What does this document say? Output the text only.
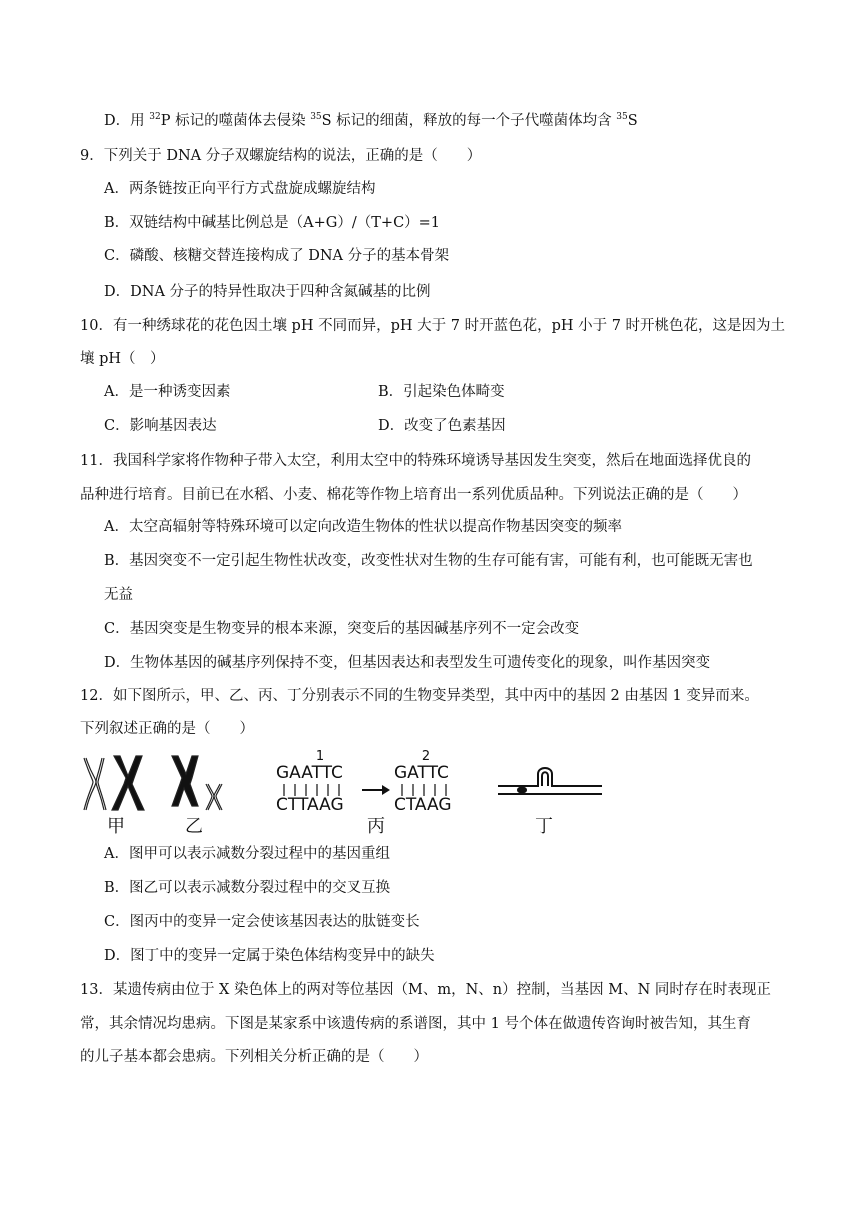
D．用 $^{32}$P 标记的噬菌体去侵染 $^{35}$S 标记的细菌，释放的每一个子代噬菌体均含 $^{35}$S
9．下列关于 DNA 分子双螺旋结构的说法，正确的是（　　）
A．两条链按正向平行方式盘旋成螺旋结构
B．双链结构中碱基比例总是（A+G）/（T+C）=1
C．磷酸、核糖交替连接构成了 DNA 分子的基本骨架
D．DNA 分子的特异性取决于四种含氮碱基的比例
10．有一种绣球花的花色因土壤 pH 不同而异，pH 大于 7 时开蓝色花，pH 小于 7 时开桃色花，这是因为土
壤 pH（　）
A．是一种诱变因素	B．引起染色体畸变
C．影响基因表达	D．改变了色素基因
11．我国科学家将作物种子带入太空，利用太空中的特殊环境诱导基因发生突变，然后在地面选择优良的
品种进行培育。目前已在水稻、小麦、棉花等作物上培育出一系列优质品种。下列说法正确的是（　　）
A．太空高辐射等特殊环境可以定向改造生物体的性状以提高作物基因突变的频率
B．基因突变不一定引起生物性状改变，改变性状对生物的生存可能有害，可能有利，也可能既无害也
无益
C．基因突变是生物变异的根本来源，突变后的基因碱基序列不一定会改变
D．生物体基因的碱基序列保持不变，但基因表达和表型发生可遗传变化的现象，叫作基因突变
12．如下图所示，甲、乙、丙、丁分别表示不同的生物变异类型，其中丙中的基因 2 由基因 1 变异而来。
下列叙述正确的是（　　）
1
GAATTC
CTTAAG
2
GATTC
CTAAG
甲	乙	丙	丁
A．图甲可以表示减数分裂过程中的基因重组
B．图乙可以表示减数分裂过程中的交叉互换
C．图丙中的变异一定会使该基因表达的肽链变长
D．图丁中的变异一定属于染色体结构变异中的缺失
13．某遗传病由位于 X 染色体上的两对等位基因（M、m，N、n）控制，当基因 M、N 同时存在时表现正
常，其余情况均患病。下图是某家系中该遗传病的系谱图，其中 1 号个体在做遗传咨询时被告知，其生育
的儿子基本都会患病。下列相关分析正确的是（　　）
